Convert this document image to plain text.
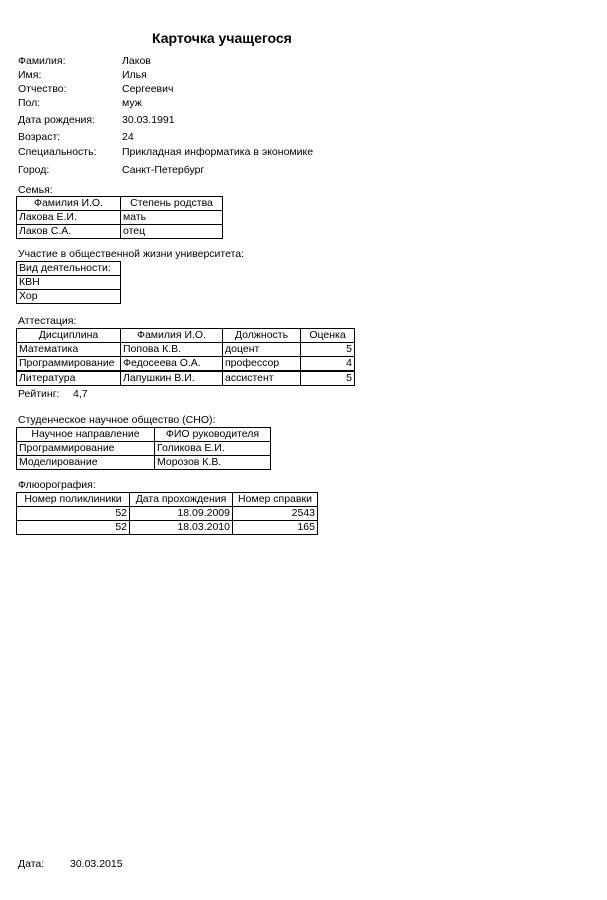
Карточка учащегося
Фамилия:	Лаков
Имя:	Илья
Отчество:	Сергеевич
Пол:	муж
Дата рождения:	30.03.1991
Возраст:	24
Специальность: Прикладная информатика в экономике
Город:	Санкт-Петербург
Семья:
Фамилия И.О.	Степень родства
Лакова Е.И.	мать
Лаков С.А.	отец
Участие в общественной жизни университета:
Вид деятельности:
КВН
Хор
Аттестация:
Дисциплина	Фамилия И.О.	Должность	Оценка
Математика	Попова К.В.	доцент	5
Программирование	Федосеева О.А.	профессор	4
Литература	Лапушкин В.И.	ассистент	5
Рейтинг: 4,7
Студенческое научное общество (СНО):
Научное направление	ФИО руководителя
Программирование	Голикова Е.И.
Моделирование	Морозов К.В.
Флюорография:
Номер поликлиники	Дата прохождения	Номер справки
52	18.09.2009	2543
52	18.03.2010	165
Дата: 30.03.2015
